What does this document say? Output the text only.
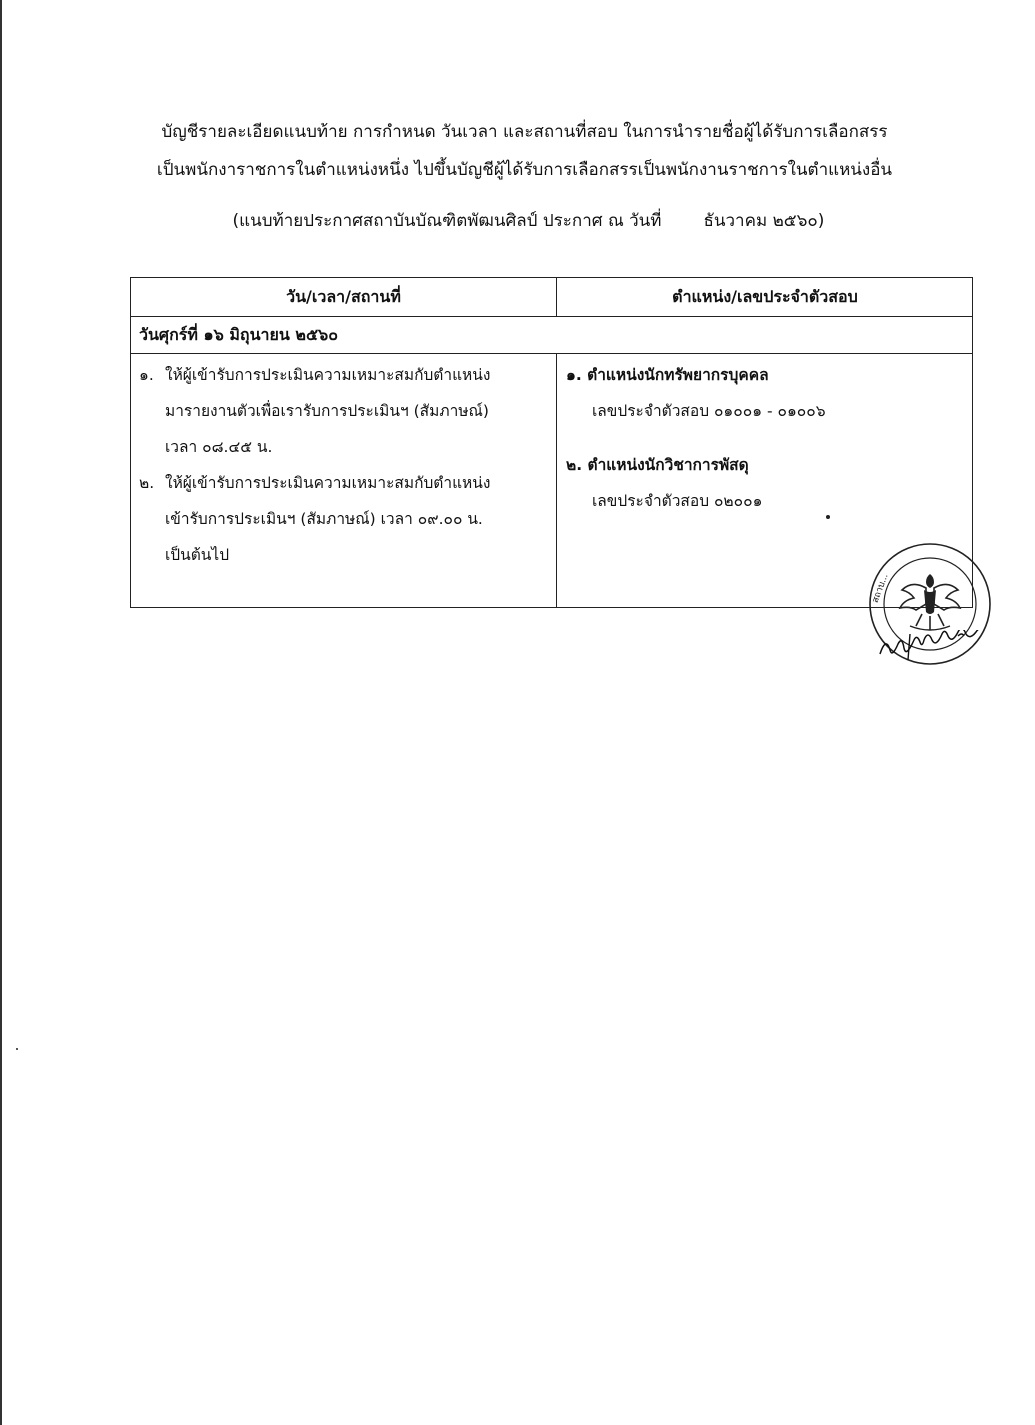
บัญชีรายละเอียดแนบท้าย การกำหนด วันเวลา และสถานที่สอบ ในการนำรายชื่อผู้ได้รับการเลือกสรร
เป็นพนักงาราชการในตำแหน่งหนึ่ง ไปขึ้นบัญชีผู้ได้รับการเลือกสรรเป็นพนักงานราชการในตำแหน่งอื่น
(แนบท้ายประกาศสถาบันบัณฑิตพัฒนศิลป์ ประกาศ ณ วันที่ ธันวาคม ๒๕๖๐)
วัน/เวลา/สถานที่	ตำแหน่ง/เลขประจำตัวสอบ
วันศุกร์ที่ ๑๖ มิถุนายน ๒๕๖๐
๑. ให้ผู้เข้ารับการประเมินความเหมาะสมกับตำแหน่ง
มารายงานตัวเพื่อเรารับการประเมินฯ (สัมภาษณ์)
เวลา ๐๘.๔๕ น.
๒. ให้ผู้เข้ารับการประเมินความเหมาะสมกับตำแหน่ง
เข้ารับการประเมินฯ (สัมภาษณ์) เวลา ๐๙.๐๐ น.
เป็นต้นไป
๑. ตำแหน่งนักทรัพยากรบุคคล
เลขประจำตัวสอบ ๐๑๐๐๑ - ๐๑๐๐๖
๒. ตำแหน่งนักวิชาการพัสดุ
เลขประจำตัวสอบ ๐๒๐๐๑
สถาบ...
